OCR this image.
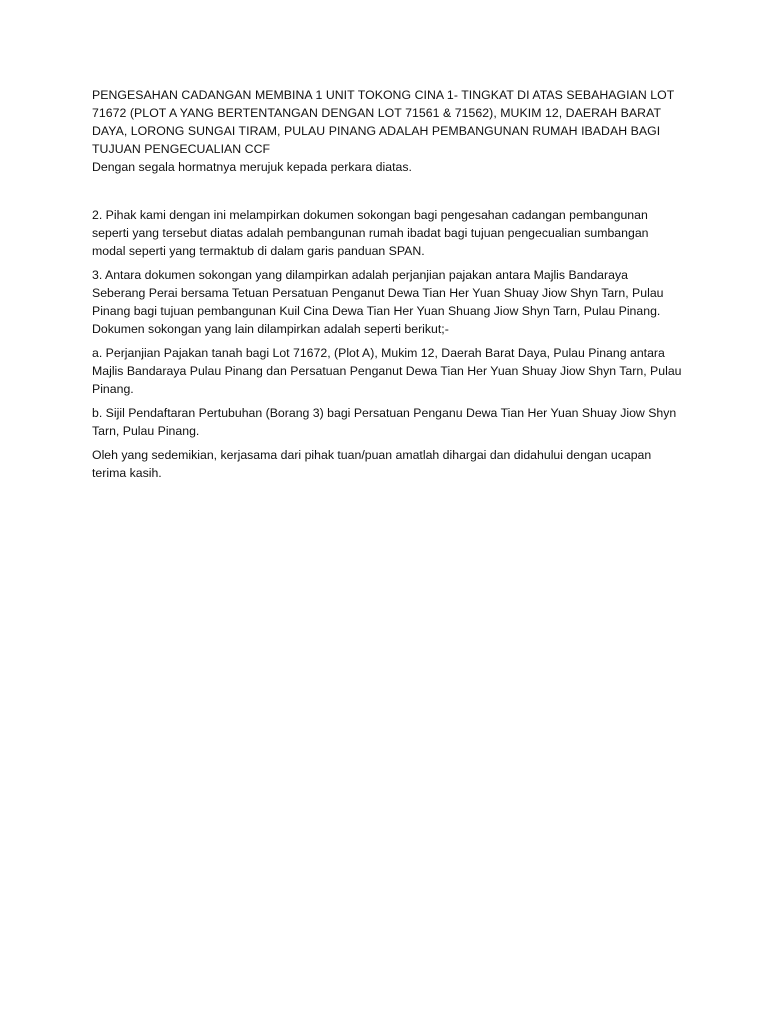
PENGESAHAN CADANGAN MEMBINA 1 UNIT TOKONG CINA 1- TINGKAT DI ATAS SEBAHAGIAN LOT 71672 (PLOT A YANG BERTENTANGAN DENGAN LOT 71561 & 71562), MUKIM 12, DAERAH BARAT DAYA, LORONG SUNGAI TIRAM, PULAU PINANG ADALAH PEMBANGUNAN RUMAH IBADAH BAGI TUJUAN PENGECUALIAN CCF

Dengan segala hormatnya merujuk kepada perkara diatas.

2. Pihak kami dengan ini melampirkan dokumen sokongan bagi pengesahan cadangan pembangunan seperti yang tersebut diatas adalah pembangunan rumah ibadat bagi tujuan pengecualian sumbangan modal seperti yang termaktub di dalam garis panduan SPAN.

3. Antara dokumen sokongan yang dilampirkan adalah perjanjian pajakan antara Majlis Bandaraya Seberang Perai bersama Tetuan Persatuan Penganut Dewa Tian Her Yuan Shuay Jiow Shyn Tarn, Pulau Pinang bagi tujuan pembangunan Kuil Cina Dewa Tian Her Yuan Shuang Jiow Shyn Tarn, Pulau Pinang. Dokumen sokongan yang lain dilampirkan adalah seperti berikut;-

a. Perjanjian Pajakan tanah bagi Lot 71672, (Plot A), Mukim 12, Daerah Barat Daya, Pulau Pinang antara Majlis Bandaraya Pulau Pinang dan Persatuan Penganut Dewa Tian Her Yuan Shuay Jiow Shyn Tarn, Pulau Pinang.

b. Sijil Pendaftaran Pertubuhan (Borang 3) bagi Persatuan Penganu Dewa Tian Her Yuan Shuay Jiow Shyn Tarn, Pulau Pinang.

Oleh yang sedemikian, kerjasama dari pihak tuan/puan amatlah dihargai dan didahului dengan ucapan terima kasih.
